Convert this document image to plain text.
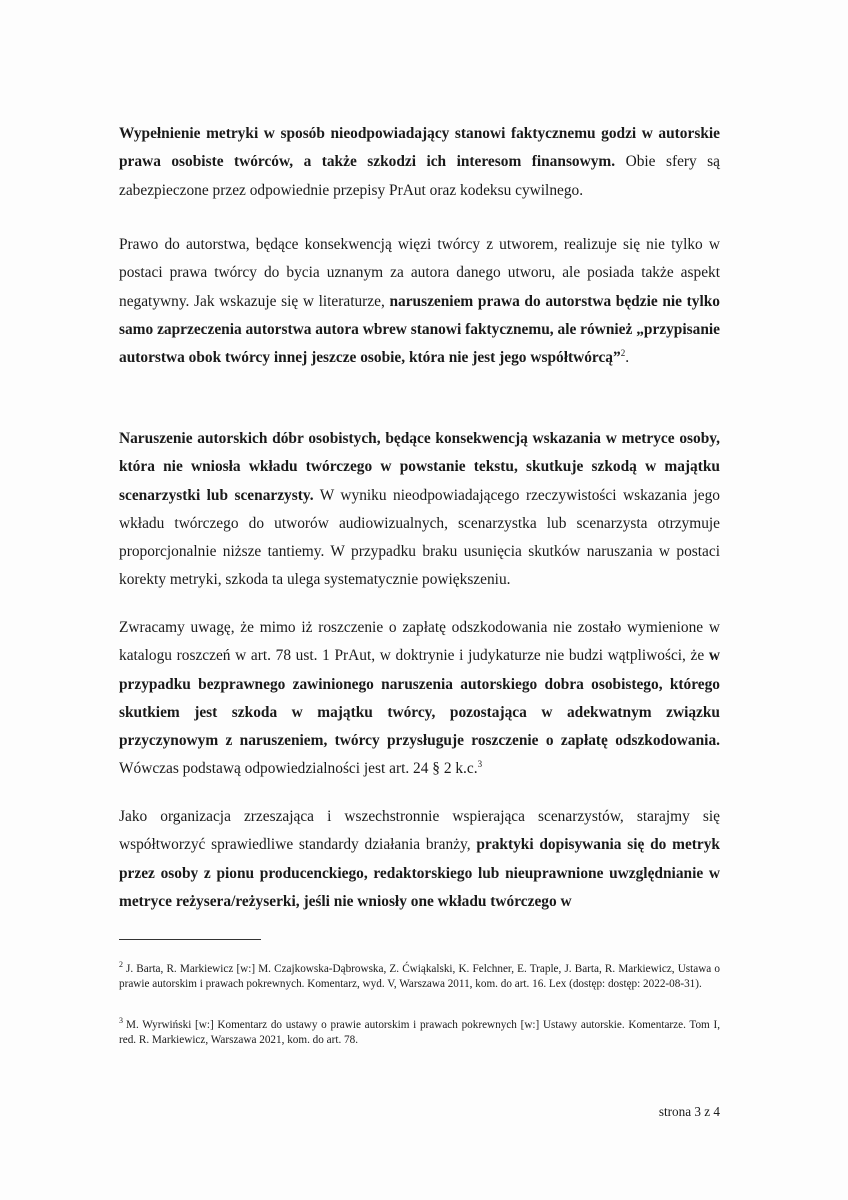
Wypełnienie metryki w sposób nieodpowiadający stanowi faktycznemu godzi w autorskie prawa osobiste twórców, a także szkodzi ich interesom finansowym. Obie sfery są zabezpieczone przez odpowiednie przepisy PrAut oraz kodeksu cywilnego.

Prawo do autorstwa, będące konsekwencją więzi twórcy z utworem, realizuje się nie tylko w postaci prawa twórcy do bycia uznanym za autora danego utworu, ale posiada także aspekt negatywny. Jak wskazuje się w literaturze, naruszeniem prawa do autorstwa będzie nie tylko samo zaprzeczenia autorstwa autora wbrew stanowi faktycznemu, ale również „przypisanie autorstwa obok twórcy innej jeszcze osobie, która nie jest jego współtwórcą”$^2$.

Naruszenie autorskich dóbr osobistych, będące konsekwencją wskazania w metryce osoby, która nie wniosła wkładu twórczego w powstanie tekstu, skutkuje szkodą w majątku scenarzystki lub scenarzysty. W wyniku nieodpowiadającego rzeczywistości wskazania jego wkładu twórczego do utworów audiowizualnych, scenarzystka lub scenarzysta otrzymuje proporcjonalnie niższe tantiemy. W przypadku braku usunięcia skutków naruszania w postaci korekty metryki, szkoda ta ulega systematycznie powiększeniu.

Zwracamy uwagę, że mimo iż roszczenie o zapłatę odszkodowania nie zostało wymienione w katalogu roszczeń w art. 78 ust. 1 PrAut, w doktrynie i judykaturze nie budzi wątpliwości, że w przypadku bezprawnego zawinionego naruszenia autorskiego dobra osobistego, którego skutkiem jest szkoda w majątku twórcy, pozostająca w adekwatnym związku przyczynowym z naruszeniem, twórcy przysługuje roszczenie o zapłatę odszkodowania. Wówczas podstawą odpowiedzialności jest art. 24 § 2 k.c.$^3$

Jako organizacja zrzeszająca i wszechstronnie wspierająca scenarzystów, starajmy się współtworzyć sprawiedliwe standardy działania branży, praktyki dopisywania się do metryk przez osoby z pionu producenckiego, redaktorskiego lub nieuprawnione uwzględnianie w metryce reżysera/reżyserki, jeśli nie wniosły one wkładu twórczego w

$^2$ J. Barta, R. Markiewicz [w:] M. Czajkowska-Dąbrowska, Z. Ćwiąkalski, K. Felchner, E. Traple, J. Barta, R. Markiewicz, Ustawa o prawie autorskim i prawach pokrewnych. Komentarz, wyd. V, Warszawa 2011, kom. do art. 16. Lex (dostęp: dostęp: 2022-08-31).

$^3$ M. Wyrwiński [w:] Komentarz do ustawy o prawie autorskim i prawach pokrewnych [w:] Ustawy autorskie. Komentarze. Tom I, red. R. Markiewicz, Warszawa 2021, kom. do art. 78.

strona 3 z 4
